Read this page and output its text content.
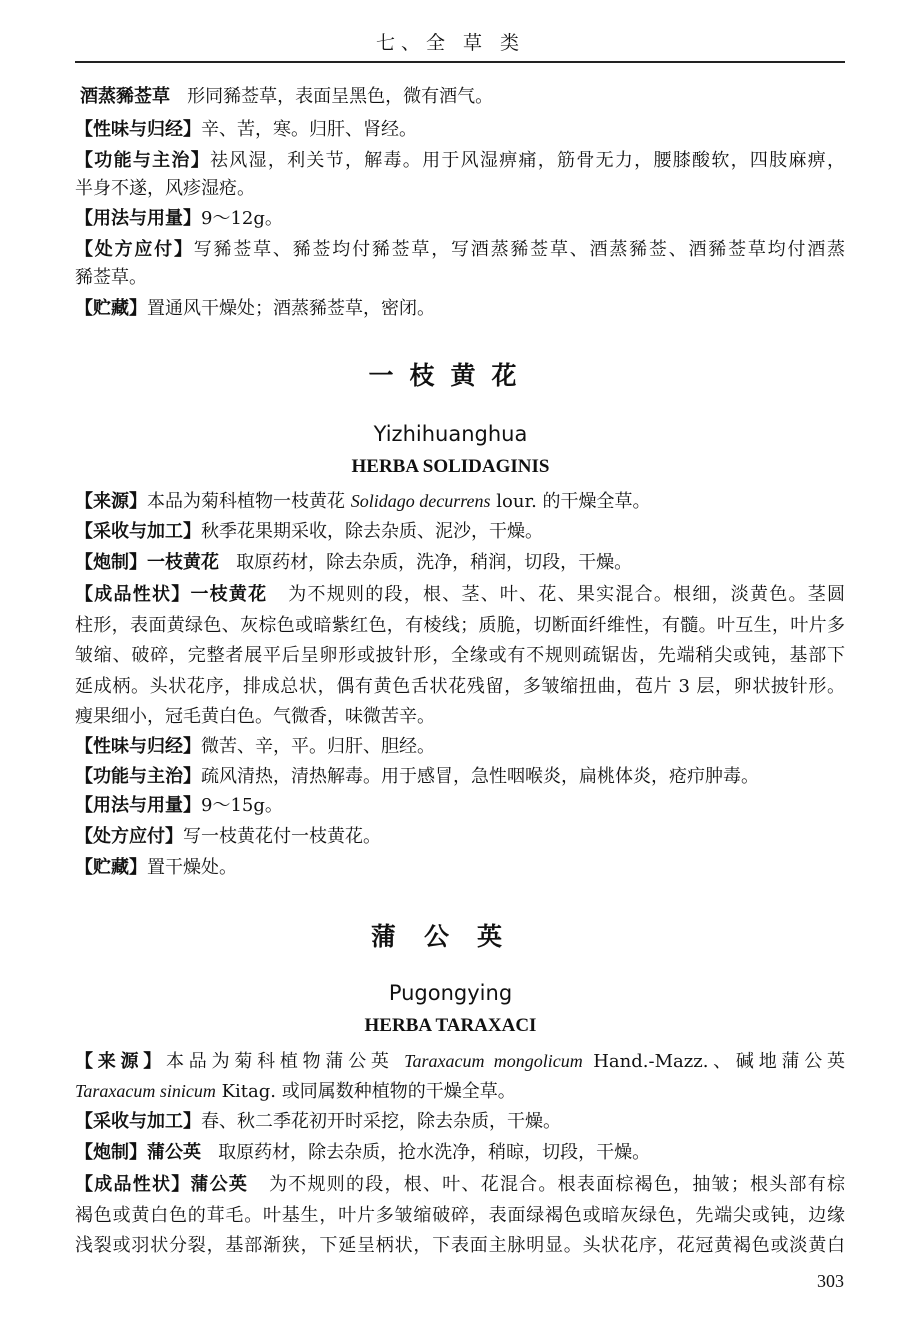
七、全 草 类
酒蒸豨莶草 形同豨莶草，表面呈黑色，微有酒气。
【性味与归经】辛、苦，寒。归肝、肾经。
【功能与主治】祛风湿，利关节，解毒。用于风湿痹痛，筋骨无力，腰膝酸软，四肢麻痹，
半身不遂，风疹湿疮。
【用法与用量】9～12g。
【处方应付】写豨莶草、豨莶均付豨莶草，写酒蒸豨莶草、酒蒸豨莶、酒豨莶草均付酒蒸
豨莶草。
【贮藏】置通风干燥处；酒蒸豨莶草，密闭。
一枝黄花
Yizhihuanghua
HERBA SOLIDAGINIS
【来源】本品为菊科植物一枝黄花 Solidago decurrens lour. 的干燥全草。
【采收与加工】秋季花果期采收，除去杂质、泥沙，干燥。
【炮制】一枝黄花 取原药材，除去杂质，洗净，稍润，切段，干燥。
【成品性状】一枝黄花 为不规则的段，根、茎、叶、花、果实混合。根细，淡黄色。茎圆
柱形，表面黄绿色、灰棕色或暗紫红色，有棱线；质脆，切断面纤维性，有髓。叶互生，叶片多
皱缩、破碎，完整者展平后呈卵形或披针形，全缘或有不规则疏锯齿，先端稍尖或钝，基部下
延成柄。头状花序，排成总状，偶有黄色舌状花残留，多皱缩扭曲，苞片 3 层，卵状披针形。
瘦果细小，冠毛黄白色。气微香，味微苦辛。
【性味与归经】微苦、辛，平。归肝、胆经。
【功能与主治】疏风清热，清热解毒。用于感冒，急性咽喉炎，扁桃体炎，疮疖肿毒。
【用法与用量】9～15g。
【处方应付】写一枝黄花付一枝黄花。
【贮藏】置干燥处。
蒲公英
Pugongying
HERBA TARAXACI
【来源】本品为菊科植物蒲公英 Taraxacum mongolicum Hand.-Mazz.、碱地蒲公英
Taraxacum sinicum Kitag. 或同属数种植物的干燥全草。
【采收与加工】春、秋二季花初开时采挖，除去杂质，干燥。
【炮制】蒲公英 取原药材，除去杂质，抢水洗净，稍晾，切段，干燥。
【成品性状】蒲公英 为不规则的段，根、叶、花混合。根表面棕褐色，抽皱；根头部有棕
褐色或黄白色的茸毛。叶基生，叶片多皱缩破碎，表面绿褐色或暗灰绿色，先端尖或钝，边缘
浅裂或羽状分裂，基部渐狭，下延呈柄状，下表面主脉明显。头状花序，花冠黄褐色或淡黄白
303
